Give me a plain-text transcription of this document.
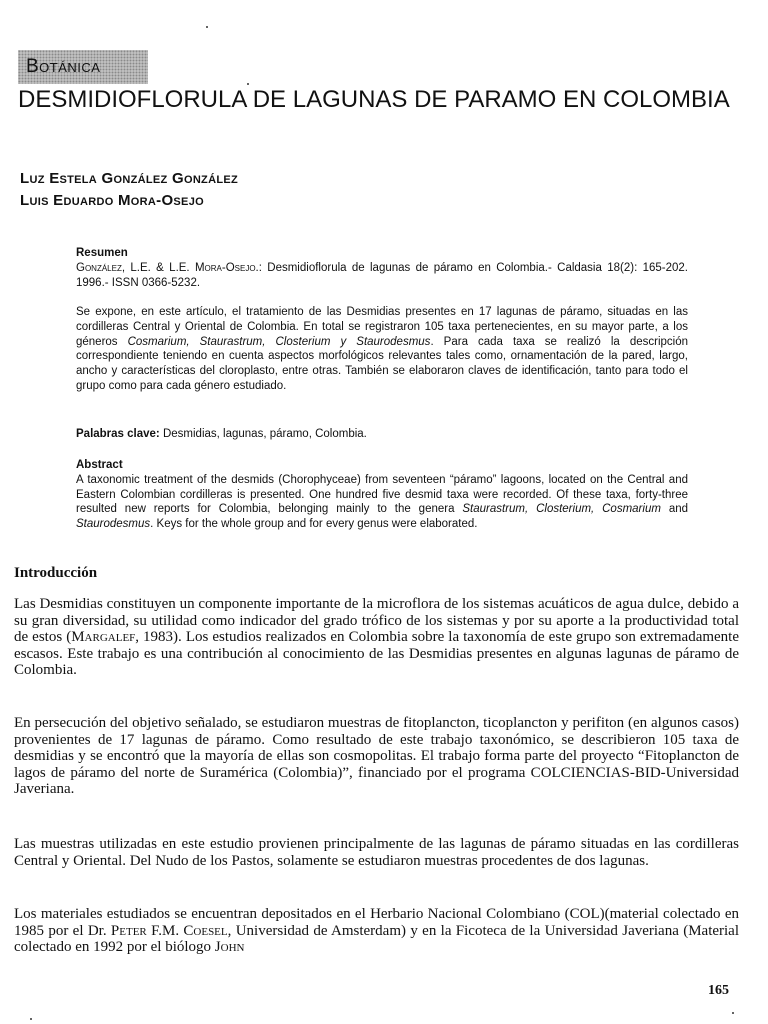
Botánica
DESMIDIOFLORULA DE LAGUNAS DE PARAMO EN COLOMBIA
Luz Estela González González
Luis Eduardo Mora-Osejo
Resumen
González, L.E. & L.E. Mora-Osejo.: Desmidioflorula de lagunas de páramo en Colombia.- Caldasia 18(2): 165-202. 1996.- ISSN 0366-5232.
Se expone, en este artículo, el tratamiento de las Desmidias presentes en 17 lagunas de páramo, situadas en las cordilleras Central y Oriental de Colombia. En total se registraron 105 taxa pertenecientes, en su mayor parte, a los géneros Cosmarium, Staurastrum, Closterium y Staurodesmus. Para cada taxa se realizó la descripción correspondiente teniendo en cuenta aspectos morfológicos relevantes tales como, ornamentación de la pared, largo, ancho y características del cloroplasto, entre otras. También se elaboraron claves de identificación, tanto para todo el grupo como para cada género estudiado.
Palabras clave: Desmidias, lagunas, páramo, Colombia.
Abstract
A taxonomic treatment of the desmids (Chorophyceae) from seventeen “páramo” lagoons, located on the Central and Eastern Colombian cordilleras is presented. One hundred five desmid taxa were recorded. Of these taxa, forty-three resulted new reports for Colombia, belonging mainly to the genera Staurastrum, Closterium, Cosmarium and Staurodesmus. Keys for the whole group and for every genus were elaborated.
Introducción

Las Desmidias constituyen un componente importante de la microflora de los sistemas acuáticos de agua dulce, debido a su gran diversidad, su utilidad como indicador del grado trófico de los sistemas y por su aporte a la productividad total de estos (Margalef, 1983). Los estudios realizados en Colombia sobre la taxonomía de este grupo son extremadamente escasos. Este trabajo es una contribución al conocimiento de las Desmidias presentes en algunas lagunas de páramo de Colombia.

En persecución del objetivo señalado, se estudiaron muestras de fitoplancton, ticoplancton y perifiton (en algunos casos) provenientes de 17 lagunas de páramo. Como resultado de este trabajo taxonómico, se describieron 105 taxa de desmidias y se encontró que la mayoría de ellas son cosmopolitas. El trabajo forma parte del proyecto “Fitoplancton de lagos de páramo del norte de Suramérica (Colombia)”, financiado por el programa COLCIENCIAS-BID-Universidad Javeriana.

Las muestras utilizadas en este estudio provienen principalmente de las lagunas de páramo situadas en las cordilleras Central y Oriental. Del Nudo de los Pastos, solamente se estudiaron muestras procedentes de dos lagunas.

Los materiales estudiados se encuentran depositados en el Herbario Nacional Colombiano (COL)(material colectado en 1985 por el Dr. Peter F.M. Coesel, Universidad de Amsterdam) y en la Ficoteca de la Universidad Javeriana (Material colectado en 1992 por el biólogo John

165
